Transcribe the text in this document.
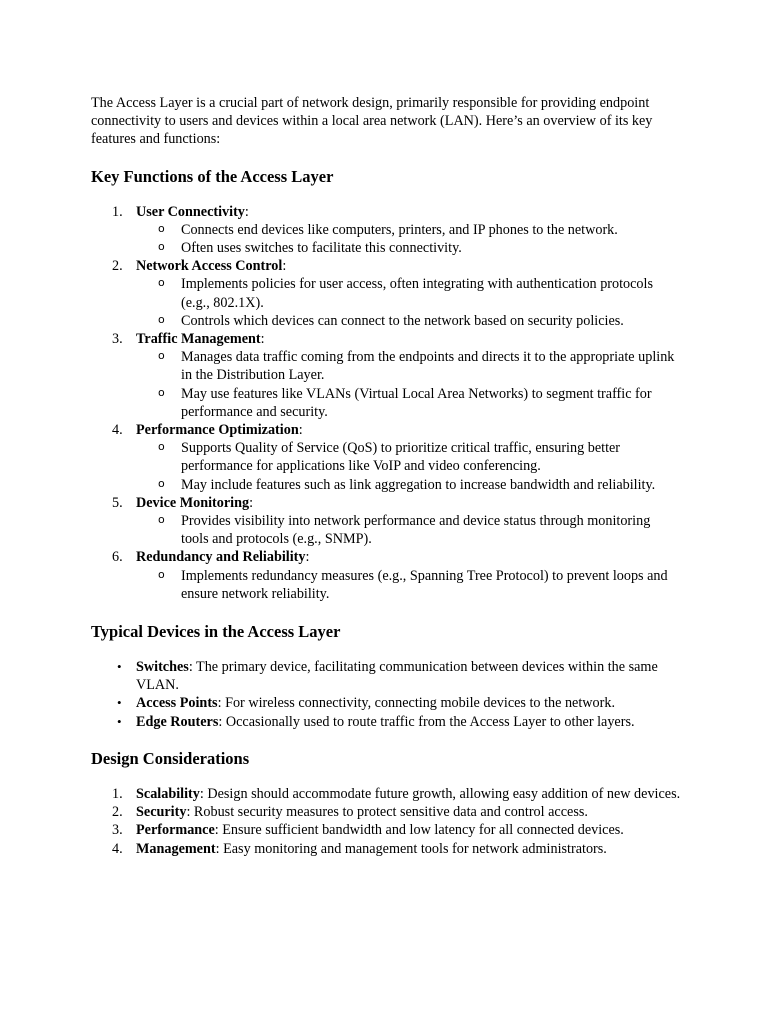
The Access Layer is a crucial part of network design, primarily responsible for providing endpoint connectivity to users and devices within a local area network (LAN). Here’s an overview of its key features and functions:

Key Functions of the Access Layer
1. User Connectivity:
o Connects end devices like computers, printers, and IP phones to the network.
o Often uses switches to facilitate this connectivity.
2. Network Access Control:
o Implements policies for user access, often integrating with authentication protocols (e.g., 802.1X).
o Controls which devices can connect to the network based on security policies.
3. Traffic Management:
o Manages data traffic coming from the endpoints and directs it to the appropriate uplink in the Distribution Layer.
o May use features like VLANs (Virtual Local Area Networks) to segment traffic for performance and security.
4. Performance Optimization:
o Supports Quality of Service (QoS) to prioritize critical traffic, ensuring better performance for applications like VoIP and video conferencing.
o May include features such as link aggregation to increase bandwidth and reliability.
5. Device Monitoring:
o Provides visibility into network performance and device status through monitoring tools and protocols (e.g., SNMP).
6. Redundancy and Reliability:
o Implements redundancy measures (e.g., Spanning Tree Protocol) to prevent loops and ensure network reliability.
Typical Devices in the Access Layer
• Switches: The primary device, facilitating communication between devices within the same VLAN.
• Access Points: For wireless connectivity, connecting mobile devices to the network.
• Edge Routers: Occasionally used to route traffic from the Access Layer to other layers.
Design Considerations
1. Scalability: Design should accommodate future growth, allowing easy addition of new devices.
2. Security: Robust security measures to protect sensitive data and control access.
3. Performance: Ensure sufficient bandwidth and low latency for all connected devices.
4. Management: Easy monitoring and management tools for network administrators.
